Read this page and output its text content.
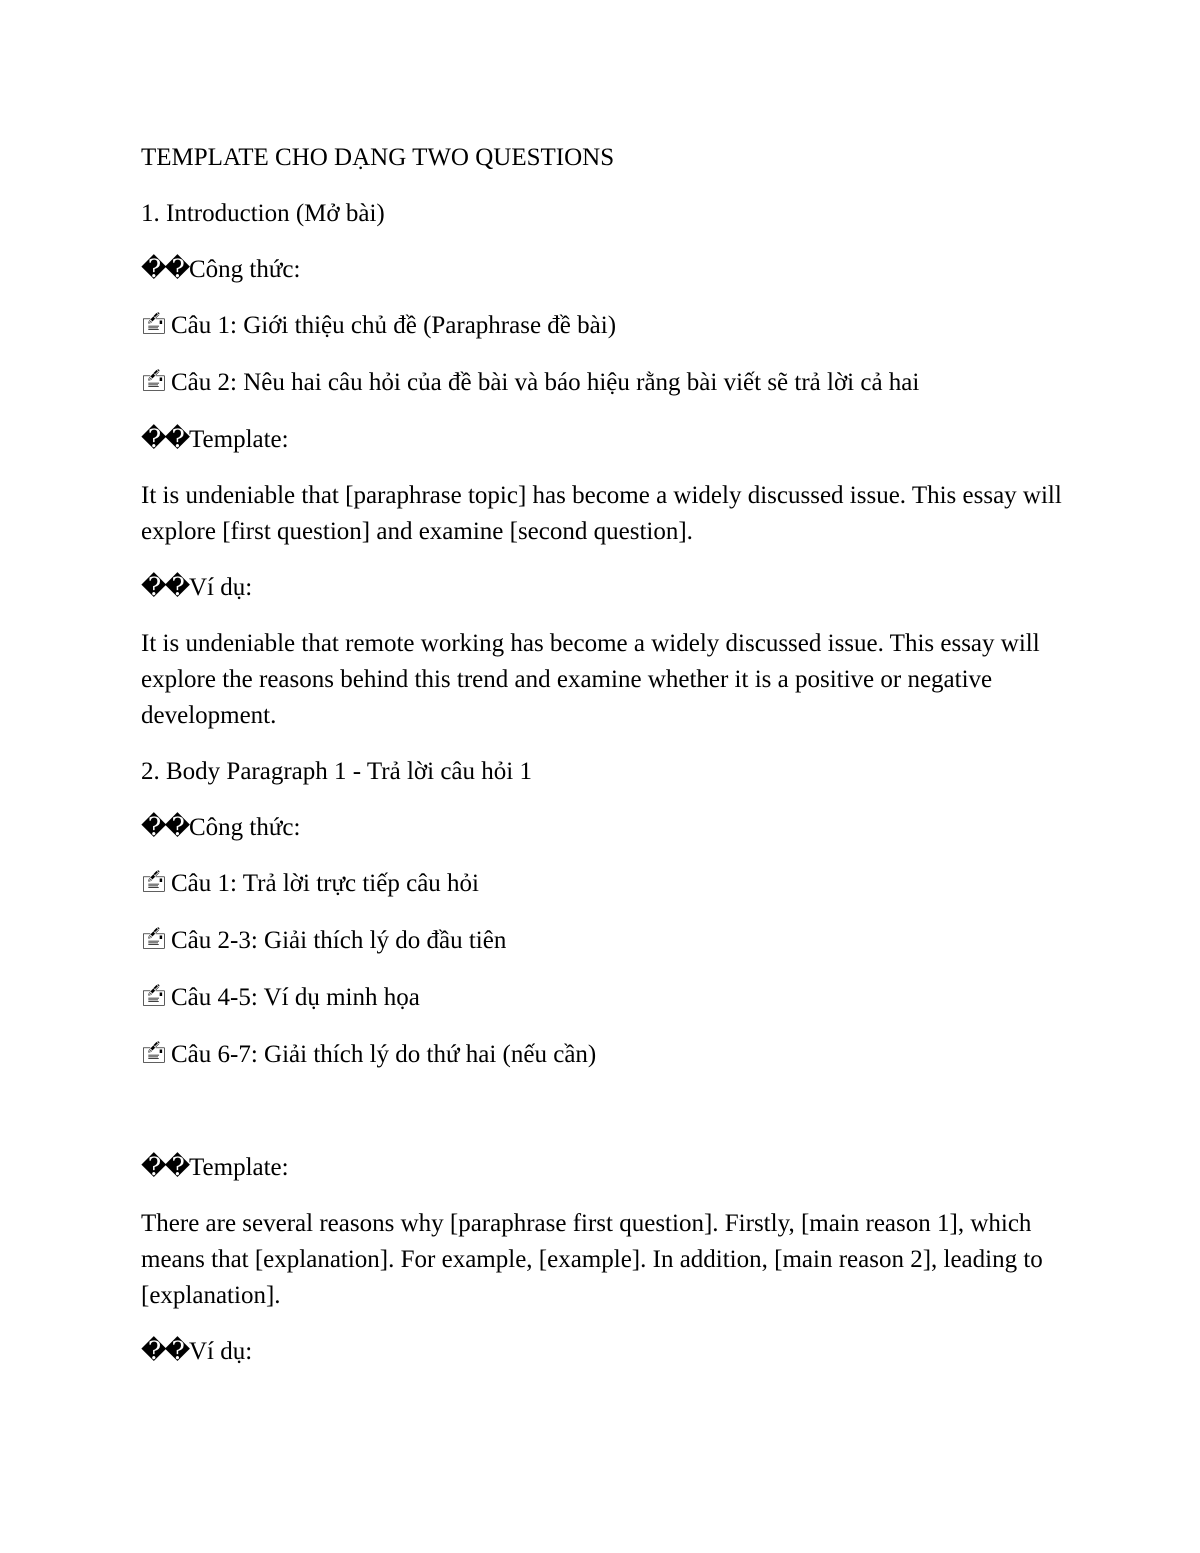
TEMPLATE CHO DẠNG TWO QUESTIONS

1. Introduction (Mở bài)

��Công thức:

🖆 Câu 1: Giới thiệu chủ đề (Paraphrase đề bài)

🖆 Câu 2: Nêu hai câu hỏi của đề bài và báo hiệu rằng bài viết sẽ trả lời cả hai

��Template:

It is undeniable that [paraphrase topic] has become a widely discussed issue. This essay will explore [first question] and examine [second question].

��Ví dụ:

It is undeniable that remote working has become a widely discussed issue. This essay will explore the reasons behind this trend and examine whether it is a positive or negative development.

2. Body Paragraph 1 - Trả lời câu hỏi 1

��Công thức:

🖆 Câu 1: Trả lời trực tiếp câu hỏi

🖆 Câu 2-3: Giải thích lý do đầu tiên

🖆 Câu 4-5: Ví dụ minh họa

🖆 Câu 6-7: Giải thích lý do thứ hai (nếu cần)

��Template:

There are several reasons why [paraphrase first question]. Firstly, [main reason 1], which means that [explanation]. For example, [example]. In addition, [main reason 2], leading to [explanation].

��Ví dụ:
